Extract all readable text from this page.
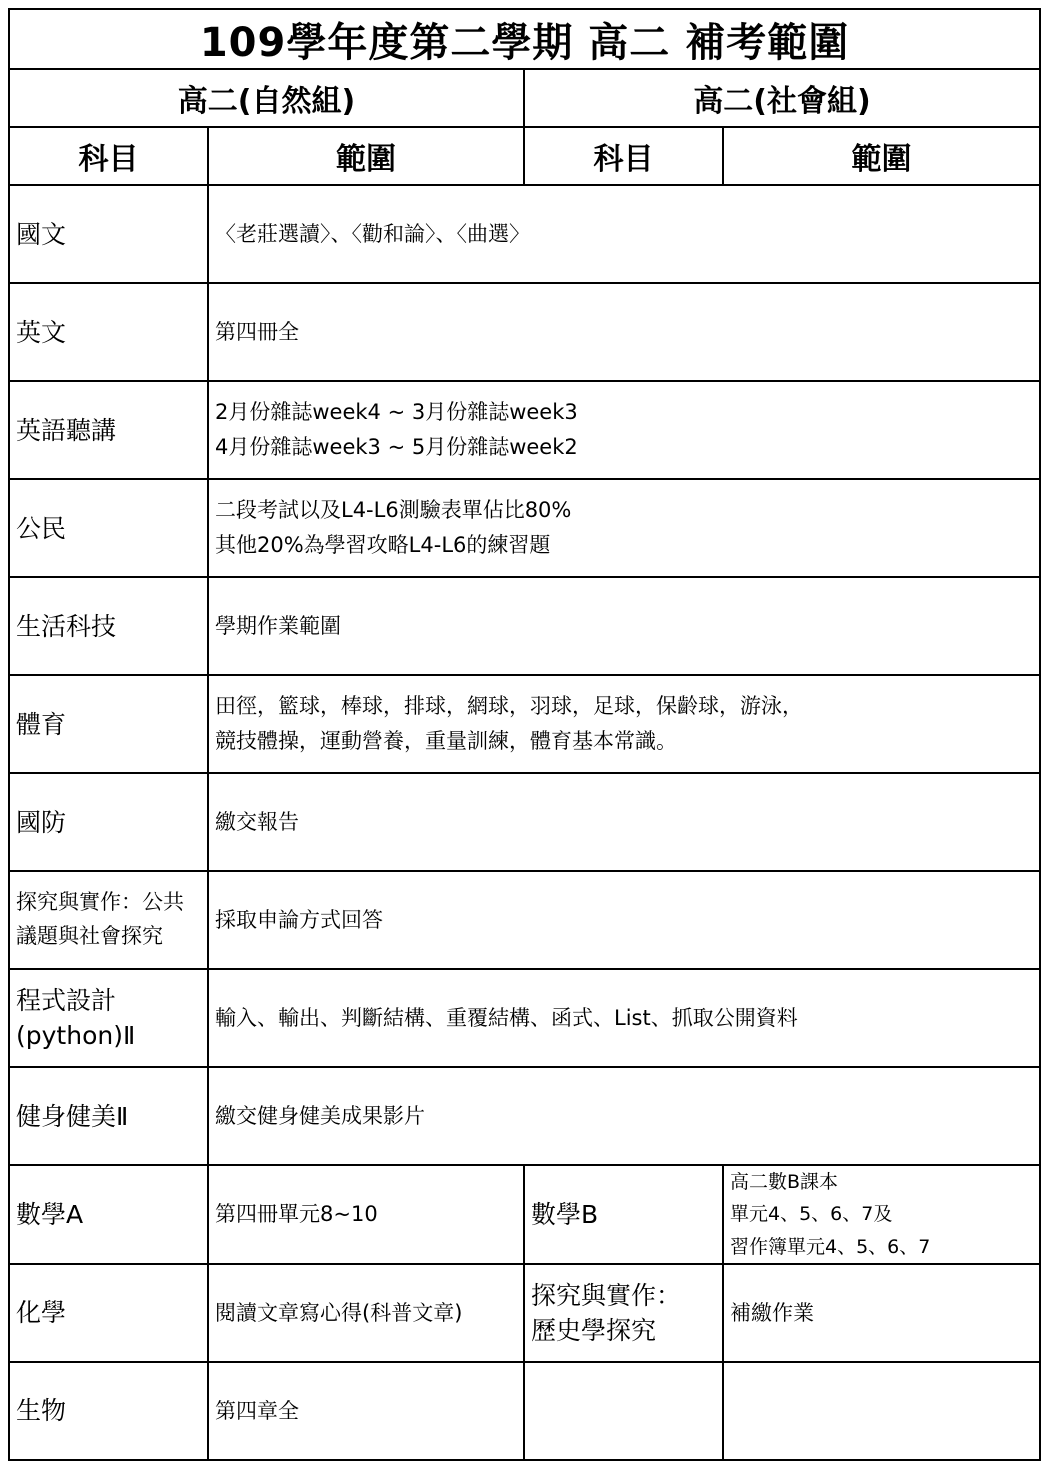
109學年度第二學期 高二 補考範圍			
高二(自然組)		高二(社會組)	
科目	範圍	科目	範圍

國文	〈老莊選讀〉、〈勸和論〉、〈曲選〉		

英文	第四冊全		

英語聽講	2月份雜誌week4 ~ 3月份雜誌week3
4月份雜誌week3 ~ 5月份雜誌week2		

公民	二段考試以及L4-L6測驗表單佔比80%
其他20%為學習攻略L4-L6的練習題		

生活科技	學期作業範圍		

體育	田徑，籃球，棒球，排球，網球，羽球，足球，保齡球，游泳，
競技體操，運動營養，重量訓練，體育基本常識。		

國防	繳交報告		

探究與實作：公共
議題與社會探究	採取申論方式回答		

程式設計
(python)Ⅱ	輸入、輸出、判斷結構、重覆結構、函式、List、抓取公開資料		

健身健美Ⅱ	繳交健身健美成果影片		

數學A	第四冊單元8~10	數學B	高二數B課本
單元4、5、6、7及
習作簿單元4、5、6、7

化學	閱讀文章寫心得(科普文章)	探究與實作：
歷史學探究	補繳作業

生物	第四章全		
